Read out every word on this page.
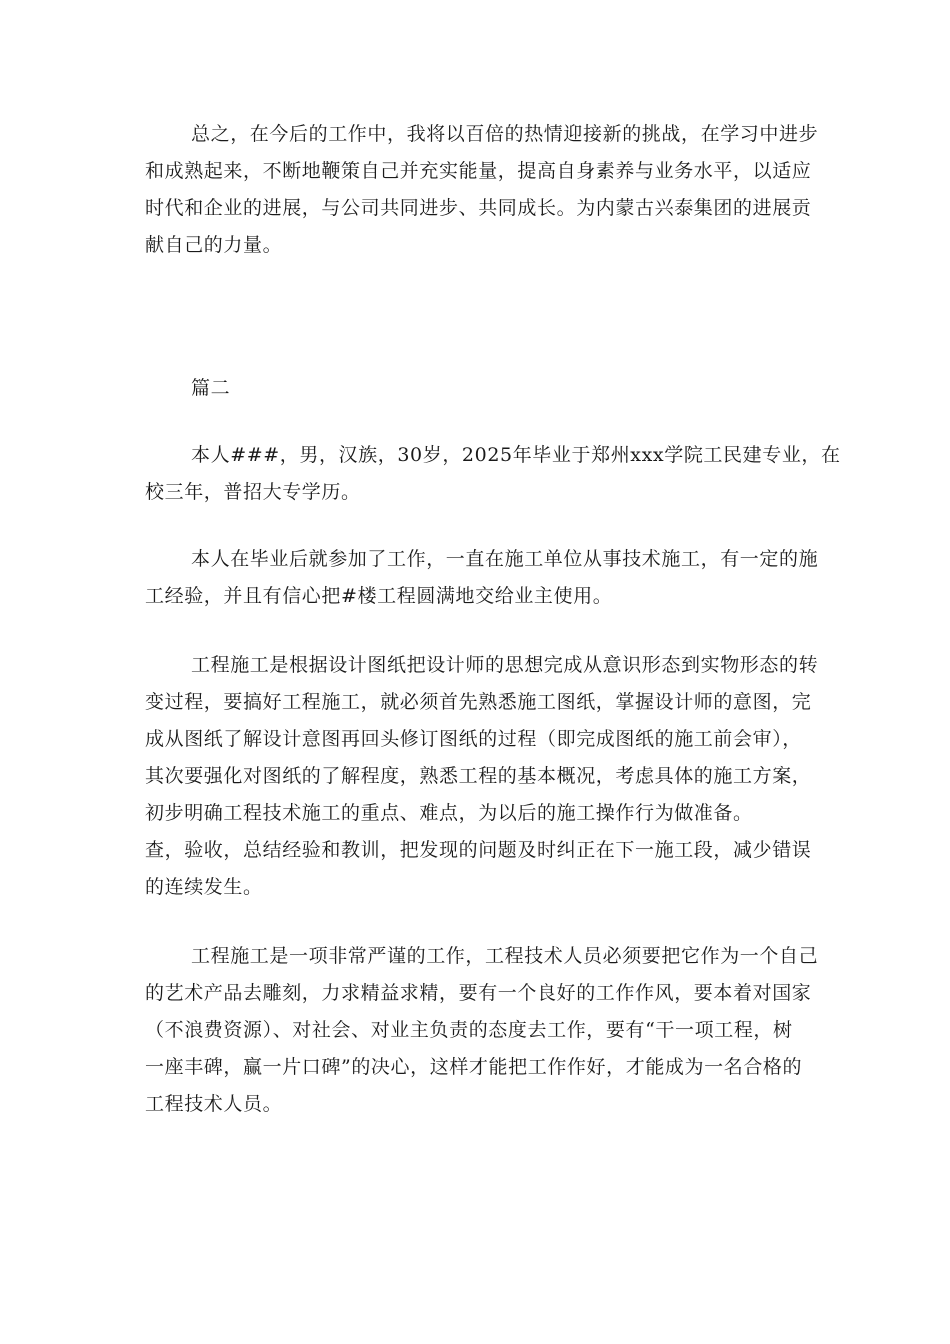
总之，在今后的工作中，我将以百倍的热情迎接新的挑战，在学习中进步
和成熟起来，不断地鞭策自己并充实能量，提高自身素养与业务水平，以适应
时代和企业的进展，与公司共同进步、共同成长。为内蒙古兴泰集团的进展贡
献自己的力量。
篇二
本人###，男，汉族，30岁，2025年毕业于郑州xxx学院工民建专业，在
校三年，普招大专学历。
本人在毕业后就参加了工作，一直在施工单位从事技术施工，有一定的施
工经验，并且有信心把#楼工程圆满地交给业主使用。
工程施工是根据设计图纸把设计师的思想完成从意识形态到实物形态的转
变过程，要搞好工程施工，就必须首先熟悉施工图纸，掌握设计师的意图，完
成从图纸了解设计意图再回头修订图纸的过程（即完成图纸的施工前会审），
其次要强化对图纸的了解程度，熟悉工程的基本概况，考虑具体的施工方案，
初步明确工程技术施工的重点、难点，为以后的施工操作行为做准备。
查，验收，总结经验和教训，把发现的问题及时纠正在下一施工段，减少错误
的连续发生。
工程施工是一项非常严谨的工作，工程技术人员必须要把它作为一个自己
的艺术产品去雕刻，力求精益求精，要有一个良好的工作作风，要本着对国家
（不浪费资源）、对社会、对业主负责的态度去工作，要有“干一项工程，树
一座丰碑，赢一片口碑”的决心，这样才能把工作作好，才能成为一名合格的
工程技术人员。
